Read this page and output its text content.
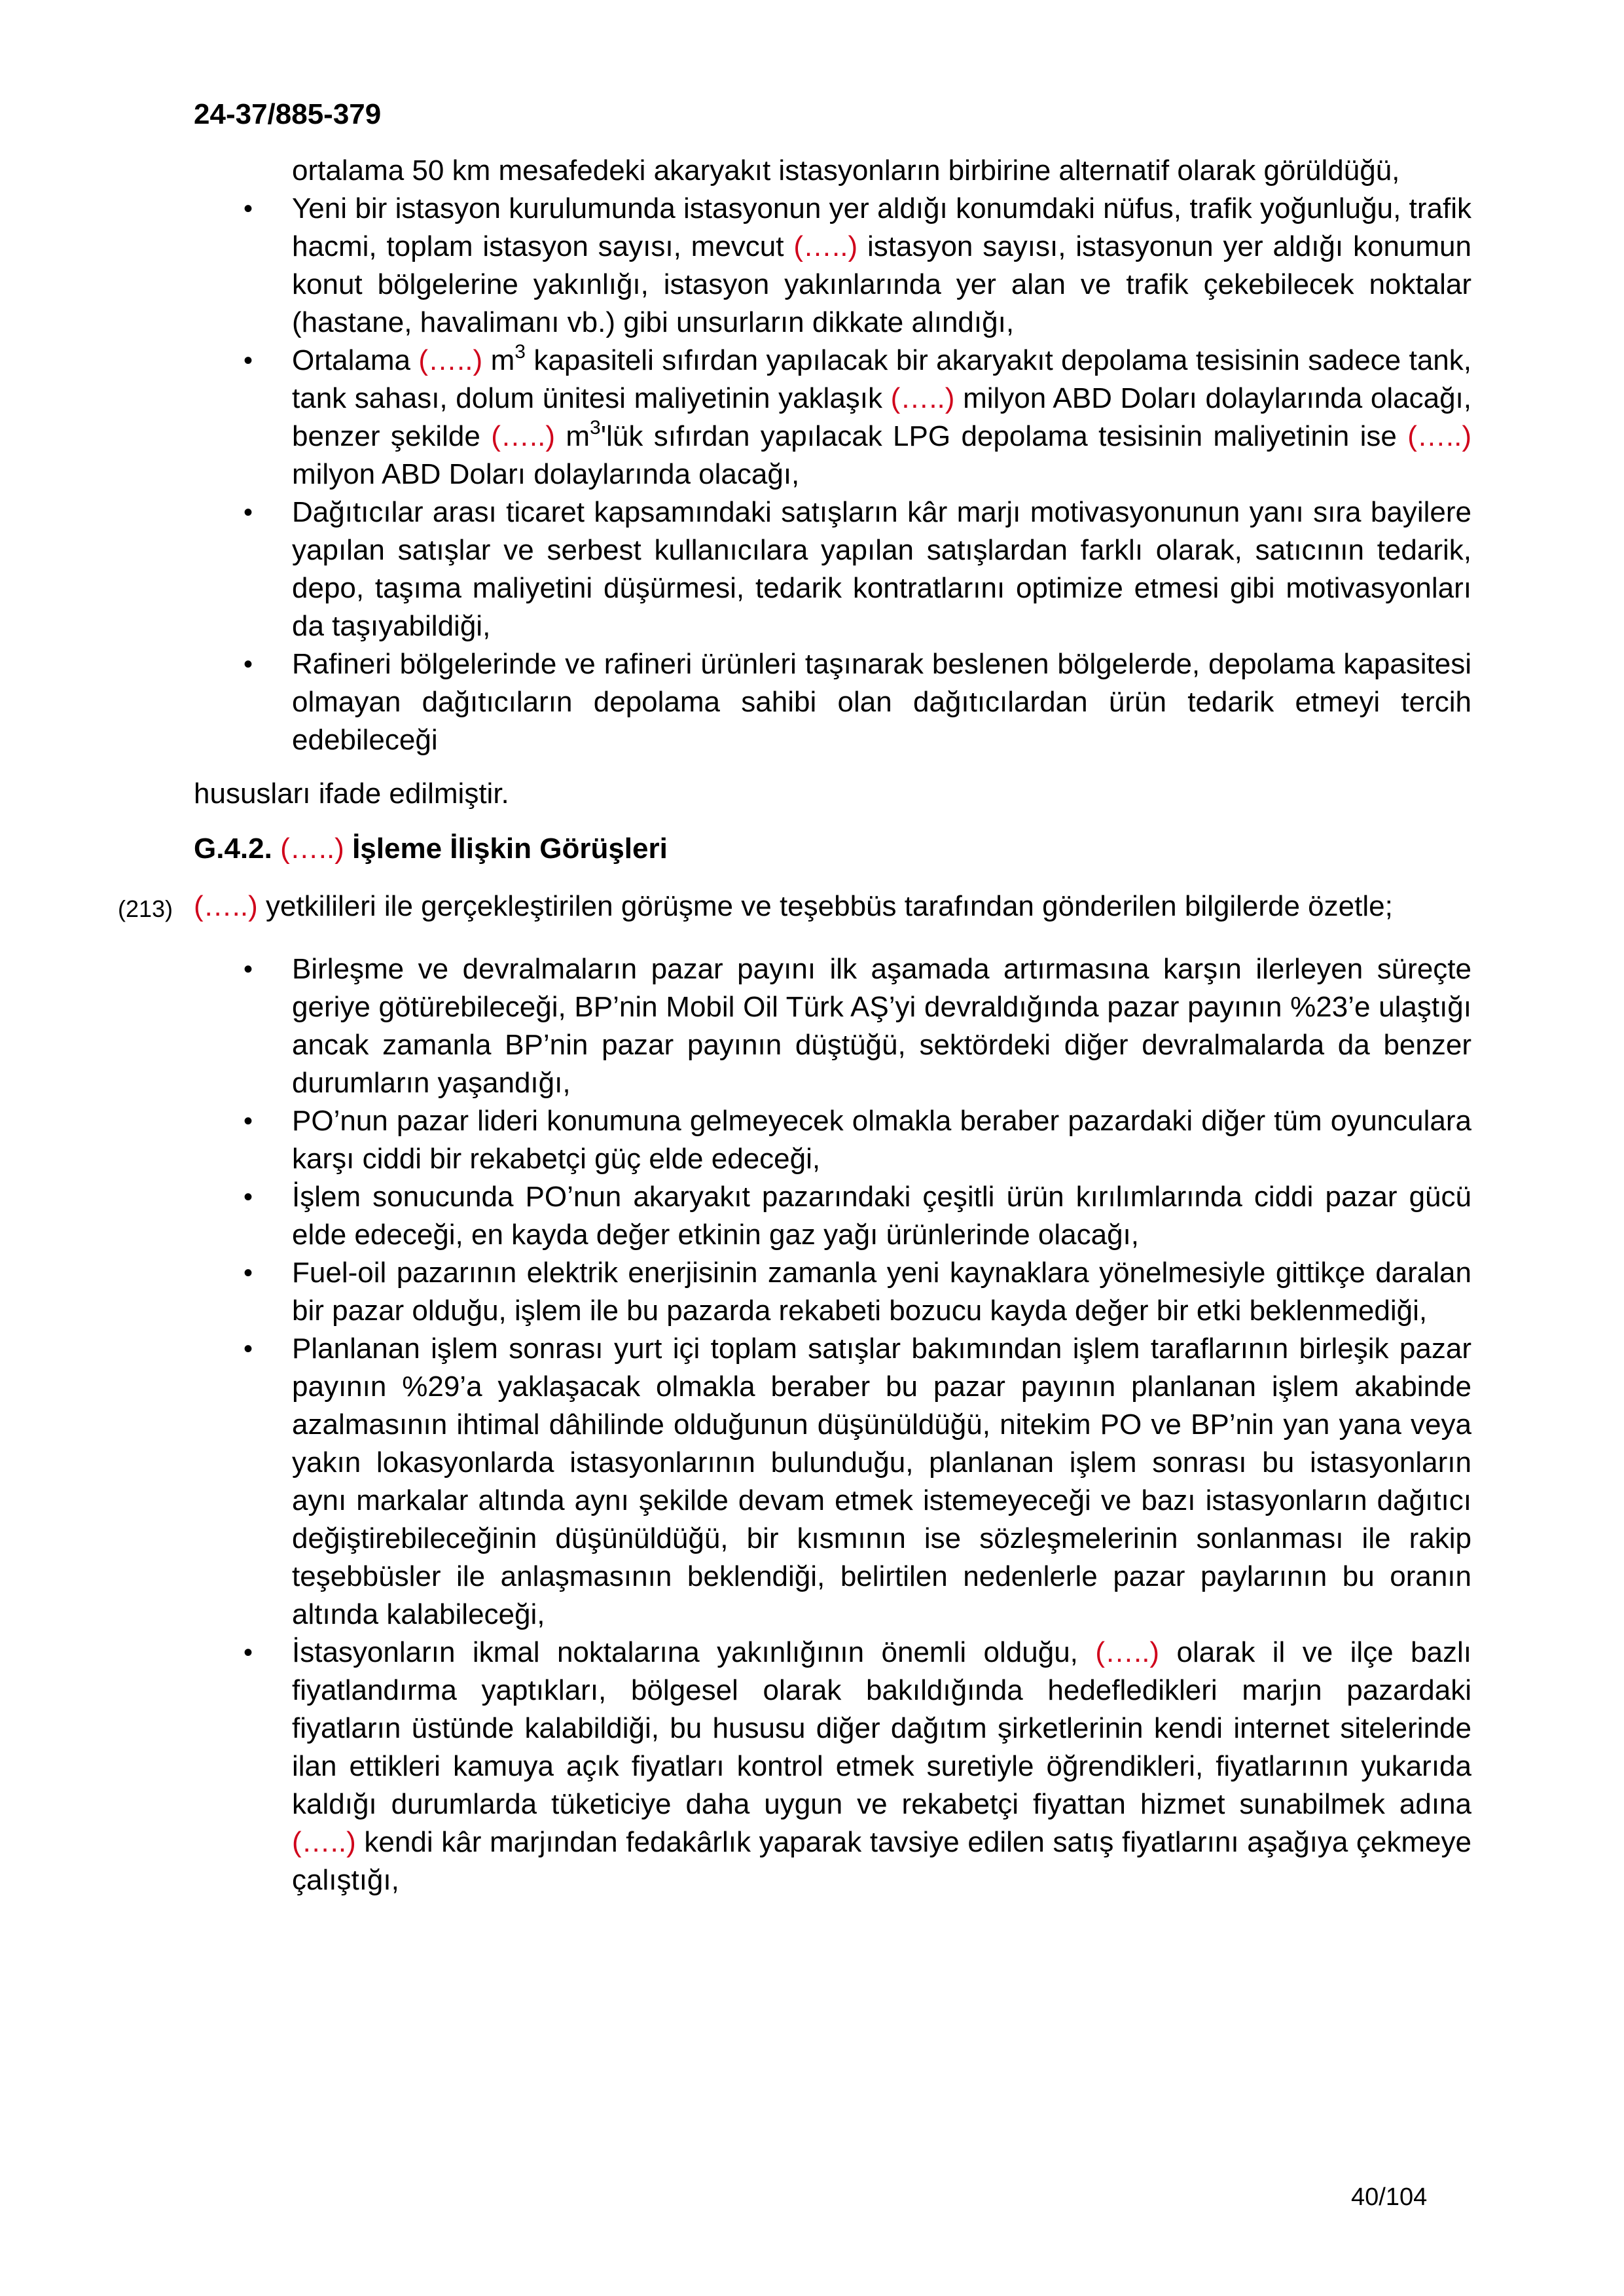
24-37/885-379

ortalama 50 km mesafedeki akaryakıt istasyonların birbirine alternatif olarak görüldüğü,

• Yeni bir istasyon kurulumunda istasyonun yer aldığı konumdaki nüfus, trafik yoğunluğu, trafik hacmi, toplam istasyon sayısı, mevcut (…..) istasyon sayısı, istasyonun yer aldığı konumun konut bölgelerine yakınlığı, istasyon yakınlarında yer alan ve trafik çekebilecek noktalar (hastane, havalimanı vb.) gibi unsurların dikkate alındığı,
• Ortalama (…..) $m^3$ kapasiteli sıfırdan yapılacak bir akaryakıt depolama tesisinin sadece tank, tank sahası, dolum ünitesi maliyetinin yaklaşık (…..) milyon ABD Doları dolaylarında olacağı, benzer şekilde (…..) $m^3'lük$ sıfırdan yapılacak LPG depolama tesisinin maliyetinin ise (…..) milyon ABD Doları dolaylarında olacağı,
• Dağıtıcılar arası ticaret kapsamındaki satışların kâr marjı motivasyonunun yanı sıra bayilere yapılan satışlar ve serbest kullanıcılara yapılan satışlardan farklı olarak, satıcının tedarik, depo, taşıma maliyetini düşürmesi, tedarik kontratlarını optimize etmesi gibi motivasyonları da taşıyabildiği,
• Rafineri bölgelerinde ve rafineri ürünleri taşınarak beslenen bölgelerde, depolama kapasitesi olmayan dağıtıcıların depolama sahibi olan dağıtıcılardan ürün tedarik etmeyi tercih edebileceği

hususları ifade edilmiştir.

G.4.2. (…..) İşleme İlişkin Görüşleri

(213) (…..) yetkilileri ile gerçekleştirilen görüşme ve teşebbüs tarafından gönderilen bilgilerde özetle;

• Birleşme ve devralmaların pazar payını ilk aşamada artırmasına karşın ilerleyen süreçte geriye götürebileceği, BP’nin Mobil Oil Türk AŞ’yi devraldığında pazar payının %23’e ulaştığı ancak zamanla BP’nin pazar payının düştüğü, sektördeki diğer devralmalarda da benzer durumların yaşandığı,
• PO’nun pazar lideri konumuna gelmeyecek olmakla beraber pazardaki diğer tüm oyunculara karşı ciddi bir rekabetçi güç elde edeceği,
• İşlem sonucunda PO’nun akaryakıt pazarındaki çeşitli ürün kırılımlarında ciddi pazar gücü elde edeceği, en kayda değer etkinin gaz yağı ürünlerinde olacağı,
• Fuel-oil pazarının elektrik enerjisinin zamanla yeni kaynaklara yönelmesiyle gittikçe daralan bir pazar olduğu, işlem ile bu pazarda rekabeti bozucu kayda değer bir etki beklenmediği,
• Planlanan işlem sonrası yurt içi toplam satışlar bakımından işlem taraflarının birleşik pazar payının %29’a yaklaşacak olmakla beraber bu pazar payının planlanan işlem akabinde azalmasının ihtimal dâhilinde olduğunun düşünüldüğü, nitekim PO ve BP’nin yan yana veya yakın lokasyonlarda istasyonlarının bulunduğu, planlanan işlem sonrası bu istasyonların aynı markalar altında aynı şekilde devam etmek istemeyeceği ve bazı istasyonların dağıtıcı değiştirebileceğinin düşünüldüğü, bir kısmının ise sözleşmelerinin sonlanması ile rakip teşebbüsler ile anlaşmasının beklendiği, belirtilen nedenlerle pazar paylarının bu oranın altında kalabileceği,
• İstasyonların ikmal noktalarına yakınlığının önemli olduğu, (…..) olarak il ve ilçe bazlı fiyatlandırma yaptıkları, bölgesel olarak bakıldığında hedefledikleri marjın pazardaki fiyatların üstünde kalabildiği, bu hususu diğer dağıtım şirketlerinin kendi internet sitelerinde ilan ettikleri kamuya açık fiyatları kontrol etmek suretiyle öğrendikleri, fiyatlarının yukarıda kaldığı durumlarda tüketiciye daha uygun ve rekabetçi fiyattan hizmet sunabilmek adına (…..) kendi kâr marjından fedakârlık yaparak tavsiye edilen satış fiyatlarını aşağıya çekmeye çalıştığı,

40/104
